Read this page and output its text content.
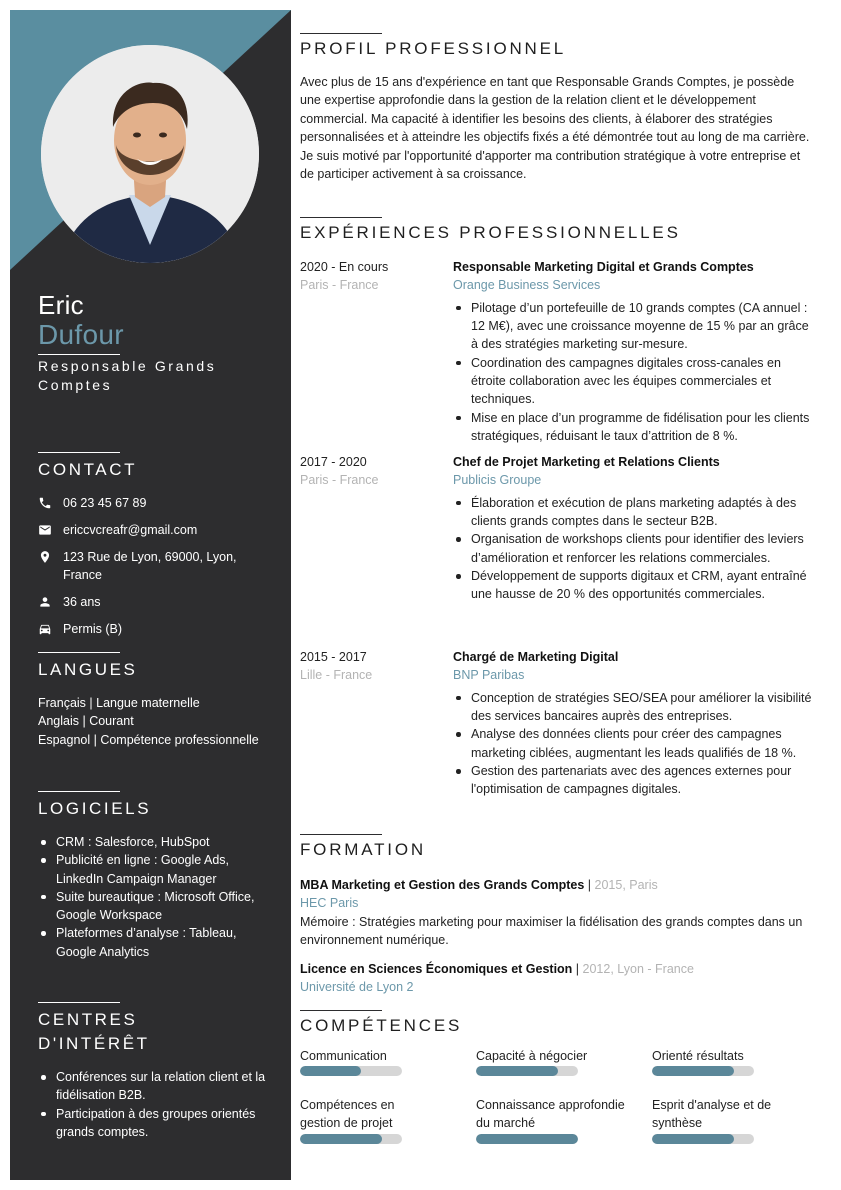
Eric
Dufour
Responsable Grands Comptes
CONTACT
06 23 45 67 89
ericcvcreafr@gmail.com
123 Rue de Lyon, 69000, Lyon, France
36 ans
Permis (B)
LANGUES
Français | Langue maternelle
Anglais | Courant
Espagnol | Compétence professionnelle
LOGICIELS
CRM : Salesforce, HubSpot
Publicité en ligne : Google Ads, LinkedIn Campaign Manager
Suite bureautique : Microsoft Office, Google Workspace
Plateformes d’analyse : Tableau, Google Analytics
CENTRES D'INTÉRÊT
Conférences sur la relation client et la fidélisation B2B.
Participation à des groupes orientés grands comptes.
PROFIL PROFESSIONNEL

Avec plus de 15 ans d'expérience en tant que Responsable Grands Comptes, je possède une expertise approfondie dans la gestion de la relation client et le développement commercial. Ma capacité à identifier les besoins des clients, à élaborer des stratégies personnalisées et à atteindre les objectifs fixés a été démontrée tout au long de ma carrière. Je suis motivé par l'opportunité d'apporter ma contribution stratégique à votre entreprise et de participer activement à sa croissance.

EXPÉRIENCES PROFESSIONNELLES
2020 - En cours
Paris - France
Responsable Marketing Digital et Grands Comptes
Orange Business Services
Pilotage d’un portefeuille de 10 grands comptes (CA annuel : 12 M€), avec une croissance moyenne de 15 % par an grâce à des stratégies marketing sur-mesure.
Coordination des campagnes digitales cross-canales en étroite collaboration avec les équipes commerciales et techniques.
Mise en place d’un programme de fidélisation pour les clients stratégiques, réduisant le taux d’attrition de 8 %.
2017 - 2020
Paris - France
Chef de Projet Marketing et Relations Clients
Publicis Groupe
Élaboration et exécution de plans marketing adaptés à des clients grands comptes dans le secteur B2B.
Organisation de workshops clients pour identifier des leviers d’amélioration et renforcer les relations commerciales.
Développement de supports digitaux et CRM, ayant entraîné une hausse de 20 % des opportunités commerciales.
2015 - 2017
Lille - France
Chargé de Marketing Digital
BNP Paribas
Conception de stratégies SEO/SEA pour améliorer la visibilité des services bancaires auprès des entreprises.
Analyse des données clients pour créer des campagnes marketing ciblées, augmentant les leads qualifiés de 18 %.
Gestion des partenariats avec des agences externes pour l'optimisation de campagnes digitales.
FORMATION
MBA Marketing et Gestion des Grands Comptes | 2015, Paris
HEC Paris
Mémoire : Stratégies marketing pour maximiser la fidélisation des grands comptes dans un environnement numérique.
Licence en Sciences Économiques et Gestion | 2012, Lyon - France
Université de Lyon 2
COMPÉTENCES
Communication	Capacité à négocier	Orienté résultats
Compétences en gestion de projet
Connaissance approfondie du marché
Esprit d'analyse et de synthèse
